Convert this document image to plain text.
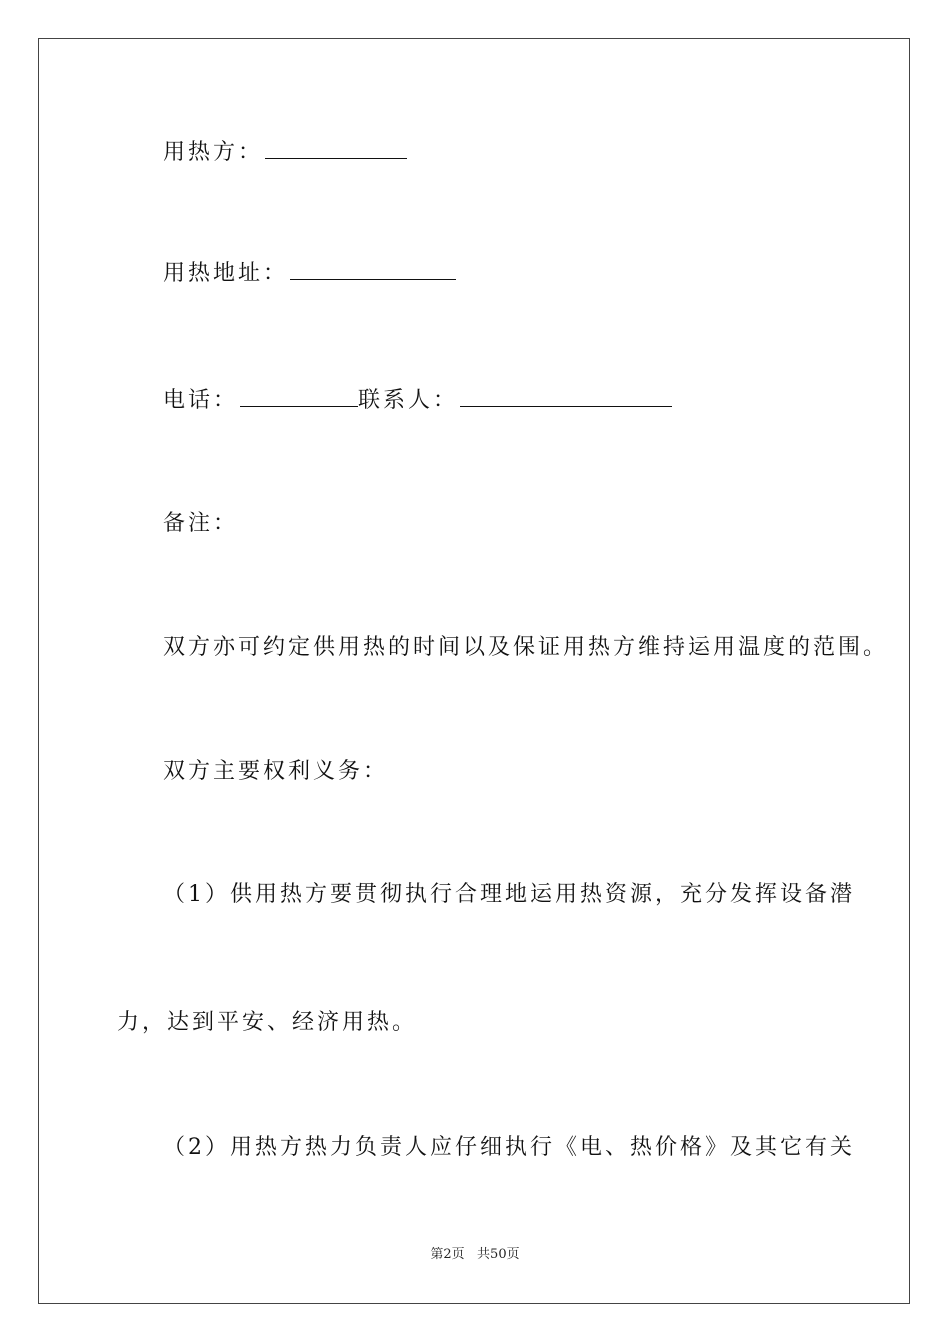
用热方：
用热地址：
电话：	联系人：
备注：
双方亦可约定供用热的时间以及保证用热方维持运用温度的范围。
双方主要权利义务：
（1）供用热方要贯彻执行合理地运用热资源，充分发挥设备潜
力，达到平安、经济用热。
（2）用热方热力负责人应仔细执行《电、热价格》及其它有关
第2页   共50页
